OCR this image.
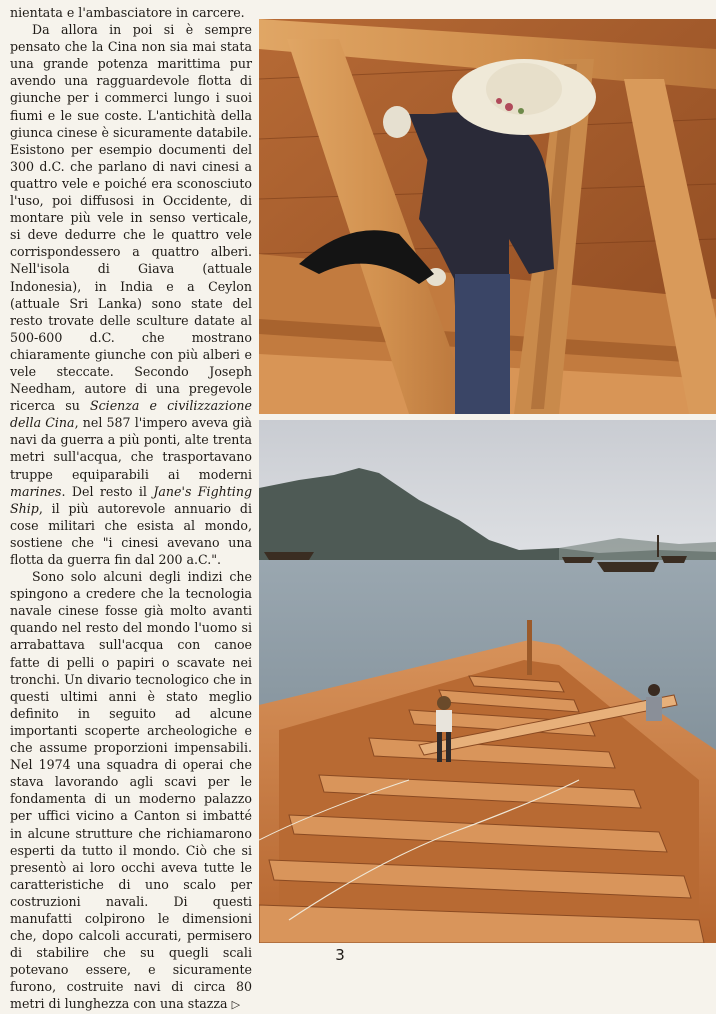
nientata e l'ambasciatore in carcere.

Da allora in poi si è sempre pensato che la Cina non sia mai stata una grande potenza marittima pur avendo una ragguardevole flotta di giunche per i commerci lungo i suoi fiumi e le sue coste. L'antichità della giunca cinese è sicuramente databile. Esistono per esempio documenti del 300 d.C. che parlano di navi cinesi a quattro vele e poiché era sconosciuto l'uso, poi diffusosi in Occidente, di montare più vele in senso verticale, si deve dedurre che le quattro vele corrispondessero a quattro alberi. Nell'isola di Giava (attuale Indonesia), in India e a Ceylon (attuale Sri Lanka) sono state del resto trovate delle sculture datate al 500-600 d.C. che mostrano chiaramente giunche con più alberi e vele steccate. Secondo Joseph Needham, autore di una pregevole ricerca su Scienza e civilizzazione della Cina, nel 587 l'impero aveva già navi da guerra a più ponti, alte trenta metri sull'acqua, che trasportavano truppe equiparabili ai moderni marines. Del resto il Jane's Fighting Ship, il più autorevole annuario di cose militari che esista al mondo, sostiene che "i cinesi avevano una flotta da guerra fin dal 200 a.C.".

Sono solo alcuni degli indizi che spingono a credere che la tecnologia navale cinese fosse già molto avanti quando nel resto del mondo l'uomo si arrabattava sull'acqua con canoe fatte di pelli o papiri o scavate nei tronchi. Un divario tecnologico che in questi ultimi anni è stato meglio definito in seguito ad alcune importanti scoperte archeologiche e che assume proporzioni impensabili. Nel 1974 una squadra di operai che stava lavorando agli scavi per le fondamenta di un moderno palazzo per uffici vicino a Canton si imbatté in alcune strutture che richiamarono esperti da tutto il mondo. Ciò che si presentò ai loro occhi aveva tutte le caratteristiche di uno scalo per costruzioni navali. Di questi manufatti colpirono le dimensioni che, dopo calcoli accurati, permisero di stabilire che su quegli scali potevano essere, e sicuramente furono, costruite navi di circa 80 metri di lunghezza con una stazza ▷

3
